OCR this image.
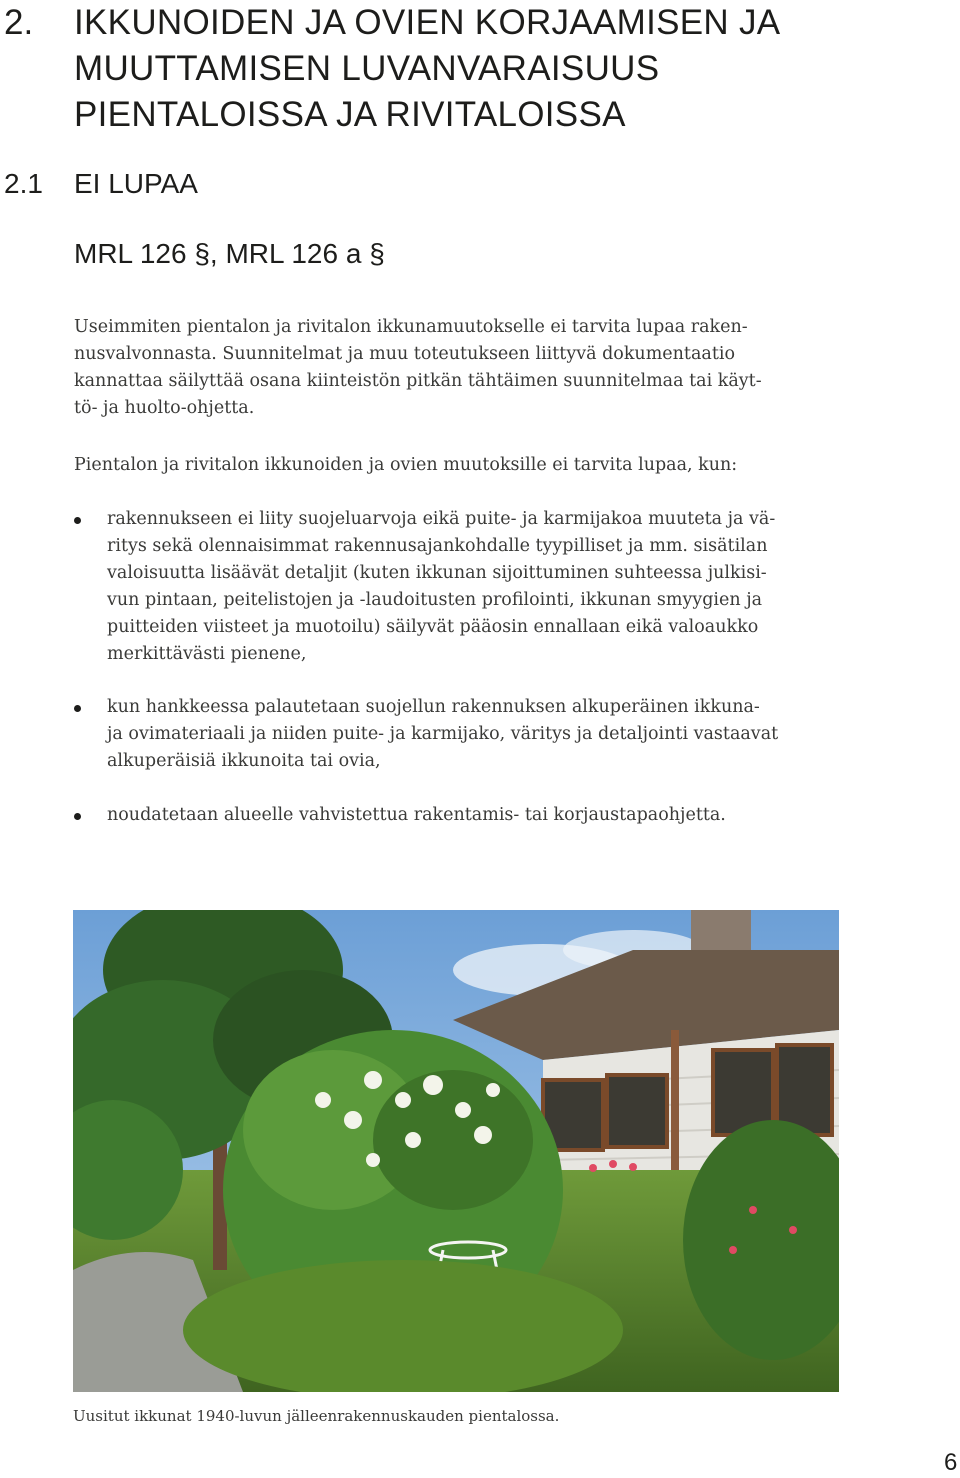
2. IKKUNOIDEN JA OVIEN KORJAAMISEN JA
MUUTTAMISEN LUVANVARAISUUS
PIENTALOISSA JA RIVITALOISSA
2.1 EI LUPAA
MRL 126 §, MRL 126 a §

Useimmiten pientalon ja rivitalon ikkunamuutokselle ei tarvita lupaa raken-
nusvalvonnasta. Suunnitelmat ja muu toteutukseen liittyvä dokumentaatio
kannattaa säilyttää osana kiinteistön pitkän tähtäimen suunnitelmaa tai käyt-
tö- ja huolto-ohjetta.

Pientalon ja rivitalon ikkunoiden ja ovien muutoksille ei tarvita lupaa, kun:

rakennukseen ei liity suojeluarvoja eikä puite- ja karmijakoa muuteta ja vä-
ritys sekä olennaisimmat rakennusajankohdalle tyypilliset ja mm. sisätilan
valoisuutta lisäävät detaljit (kuten ikkunan sijoittuminen suhteessa julkisi-
vun pintaan, peitelistojen ja -laudoitusten profilointi, ikkunan smyygien ja
puitteiden viisteet ja muotoilu) säilyvät pääosin ennallaan eikä valoaukko
merkittävästi pienene,
kun hankkeessa palautetaan suojellun rakennuksen alkuperäinen ikkuna-
ja ovimateriaali ja niiden puite- ja karmijako, väritys ja detaljointi vastaavat
alkuperäisiä ikkunoita tai ovia,
noudatetaan alueelle vahvistettua rakentamis- tai korjaustapaohjetta.

Uusitut ikkunat 1940-luvun jälleenrakennuskauden pientalossa.

6
